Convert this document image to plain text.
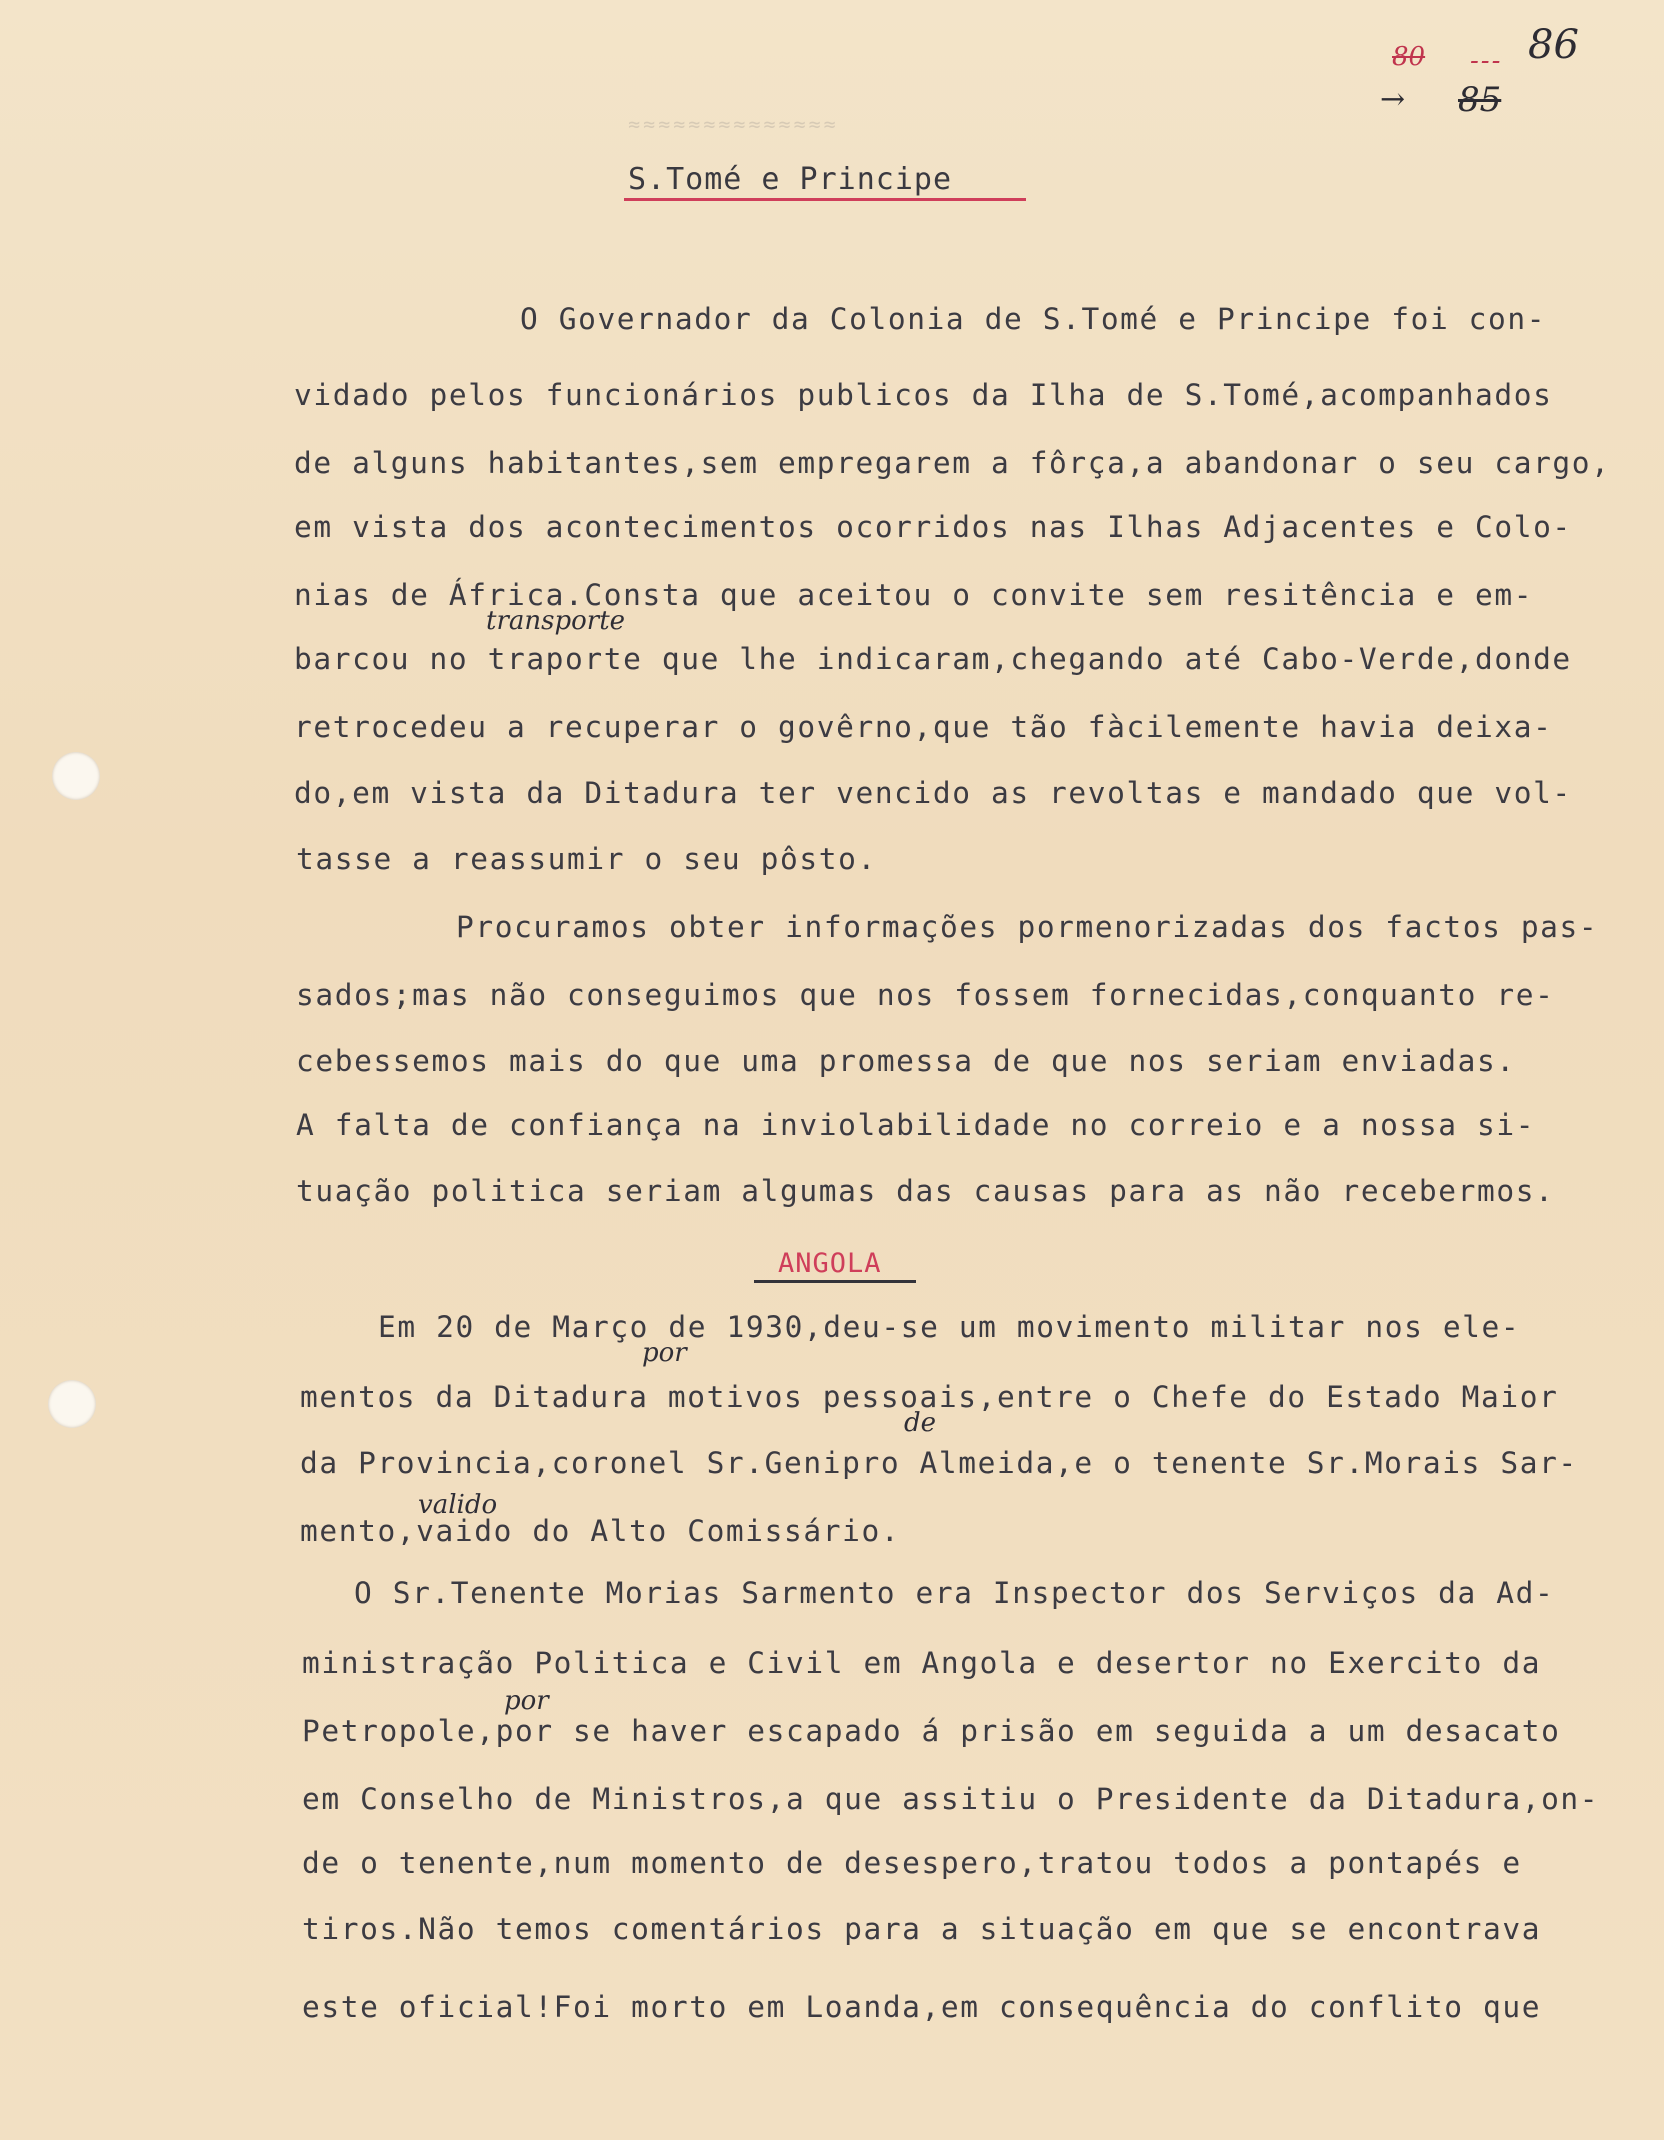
80 --- 86
→ 85
≈≈≈≈≈≈≈≈≈≈≈≈≈≈
S.Tomé e Principe
O Governador da Colonia de S.Tomé e Principe foi con-
vidado pelos funcionários publicos da Ilha de S.Tomé,acompanhados
de alguns habitantes,sem empregarem a fôrça,a abandonar o seu cargo,
em vista dos acontecimentos ocorridos nas Ilhas Adjacentes e Colo-
nias de África.Consta que aceitou o convite sem resitência e em-
transporte
barcou no traporte que lhe indicaram,chegando até Cabo-Verde,donde
retrocedeu a recuperar o govêrno,que tão fàcilemente havia deixa-
do,em vista da Ditadura ter vencido as revoltas e mandado que vol-
tasse a reassumir o seu pôsto.
Procuramos obter informações pormenorizadas dos factos pas-
sados;mas não conseguimos que nos fossem fornecidas,conquanto re-
cebessemos mais do que uma promessa de que nos seriam enviadas.
A falta de confiança na inviolabilidade no correio e a nossa si-
tuação politica seriam algumas das causas para as não recebermos.
ANGOLA
Em 20 de Março de 1930,deu-se um movimento militar nos ele-
por
mentos da Ditadura motivos pessoais,entre o Chefe do Estado Maior
de
da Provincia,coronel Sr.Genipro Almeida,e o tenente Sr.Morais Sar-
valido
mento,vaido do Alto Comissário.
O Sr.Tenente Morias Sarmento era Inspector dos Serviços da Ad-
ministração Politica e Civil em Angola e desertor no Exercito da
por
Petropole,por se haver escapado á prisão em seguida a um desacato
em Conselho de Ministros,a que assitiu o Presidente da Ditadura,on-
de o tenente,num momento de desespero,tratou todos a pontapés e
tiros.Não temos comentários para a situação em que se encontrava
este oficial!Foi morto em Loanda,em consequência do conflito que
